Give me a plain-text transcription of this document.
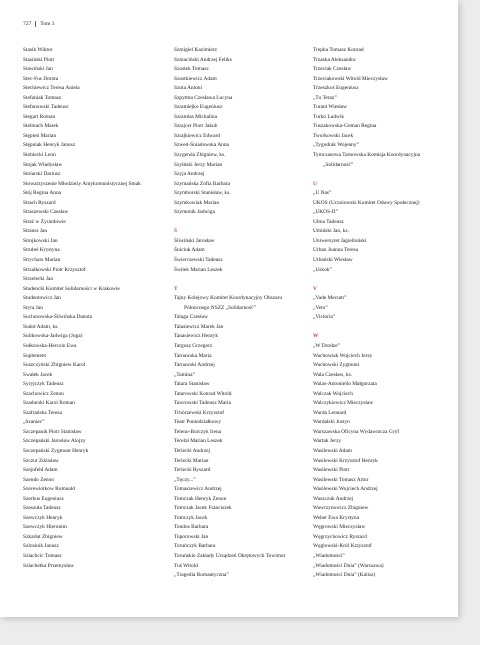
727 Tom 3
Stasik Wiktor
Stasiński Piotr
Stawiński Jan
Stec-Fus Dorota
Stechiewicz Teresa Aniela
Stefaniak Tomasz
Stefanowski Tadeusz
Stegart Roman
Stelmach Marek
Stępień Marian
Stępniak Henryk Janusz
Stobiecki Leon
Stojak Władysław
Stolarski Dariusz
Stowarzyszenie Młodzieży Antykomunistycznej Smak
Stój Regina Anna
Strach Ryszard
Straszewski Czesław
Straż w Żyrardowie
Strauss Jan
Strojkowski Jan
Strubel Krystyna
Strychars Marian
Strzałkowski Piotr Krzysztof
Strzelecki Jan
Studencki Komitet Solidarności w Krakowie
Studentowicz Jan
Styra Jan
Suchorowska-Śliwińska Danuta
Sudoł Adam, ks.
Sulikowska-Jadwiga (Joga)
Sułkowska-Herczin Ewa
Suplement
Suszczyński Zbigniew Karol
Swałek Jacek
Syryjczyk Tadeusz
Szachowicz Zenon
Szadurski Karol Roman
Szafrańska Teresa
„Szaniec”
Szczepanik Piotr Stanisław
Szczepański Jarosław Alojzy
Szczepański Zygmunt Henryk
Szczur Zdzisław
Szejnfeld Adam
Szendo Zenon
Szerewiotkow Romuald
Szerkus Eugeniusz
Szeszuła Tadeusz
Szewczyk Henryk
Szewczyk Hieronim
Szkarłat Zbigniew
Szlosinik Janusz
Szlachcic Tomasz
Szlachetka Przemysław
Szmigiel Kazimierz
Szmaciński Andrzej Feliks
Szostek Tomasz
Szostkiewicz Adam
Szota Antoni
Szpytma Czesława Lucyna
Szramiejko Eugeniusz
Szramlas Michalina
Szrajcer Piotr Jakub
Szrajkiewicz Edward
Szwed-Śniadowska Anna
Szygenda Zbigniew, ks.
Szyłński Jerzy Marian
Szyja Andrzej
Szymańska Zofia Barbara
Szymborski Stanisław, ks.
Szymkowiak Marian
Szymonik Jadwiga
Ś
Śliwiński Jarosław
Śniciuk Adam
Świerczewski Tadeusz
Świtek Marian Leszek
T
Tajny Kolejowy Komitet Koordynacyjny Obszaru Północnego NSZZ „Solidarność”
Talaga Czesław
Talasiewicz Marek Jan
Tanasiewicz Henryk
Targosz Grzegorz
Tarnawska Maria
Tarnawski Andrzej
„Tamina”
Tatara Stanisław
Tatarowski Konrad Witold
Tawrowski Tadeusz Maria
Tchórzewski Krzysztof
Teatr Poniedziałkowy
Teleno-Burczyk Irena
Terelzł Marian Leszek
Terlecki Andrzej
Terlecki Marian
Terlecki Ryszard
„Tęczy...”
Tomaszewicz Andrzej
Tomczak Henryk Zenon
Tomczak Jacek Franciszek
Tomczyk Jacek
Tondos Barbara
Toporowski Jan
Toruńczyk Barbara
Toruńskie Zakłady Urządzeń Okrętowych Towimor
Tuś Witold
„Tragedia Romantyczna”
Trepka Tomasz Konrad
Trzaska Aleksandra
Trzeciak Czesław
Trzeciakowski Witold Mieczysław
Trzeszkoś Eugeniusz
„Tu Teraz”
Turant Wiesław
Turko Ludwik
Tuszakowska-Goman Regina
Tworkowski Jacek
„Tygodnik Wojenny”
Tymczasowa Tarnowska Komisja Koordynacyjna „Solidarność”
U
„U Nas”
UKOS (Uczniowski Komitet Oduwy Społecznej)
„UKOS-II”
Ulma Tadeusz
Umiński Jan, ks.
Uniwersytet Jagielloński
Urban Joanna Teresa
Urbański Wiesław
„Uskok”
V
„Vade Mecum”
„Veto”
„Victoria”
W
„W Drodze”
Wachowiak Wojciech Jerzy
Wachowski Zygmunt
Wala Czesław, ks.
Walas-Antoniello Małgorzata
Walczak Wojciech
Walczykiewicz Mieczysław
Warda Leonard
Wardalski Justyn
Warszawska Oficyna Wydawnicza Gryf
Wartak Jerzy
Wasilewski Adam
Wasilewski Krzysztof Henryk
Wasilewski Piotr
Wasilewski Tomasz Artur
Wasilewski Wojciech Andrzej
Waszczuk Andrzej
Wawrzynowicz Zbigniew
Weber Ewa Krystyna
Węgrowski Mieczysław
Węgrzychowicz Ryszard
Węglowski-Król Krzysztof
„Wiadomości”
„Wiadomości Dnia” (Warszawa)
„Wiadomości Dnia” (Kalisz)
